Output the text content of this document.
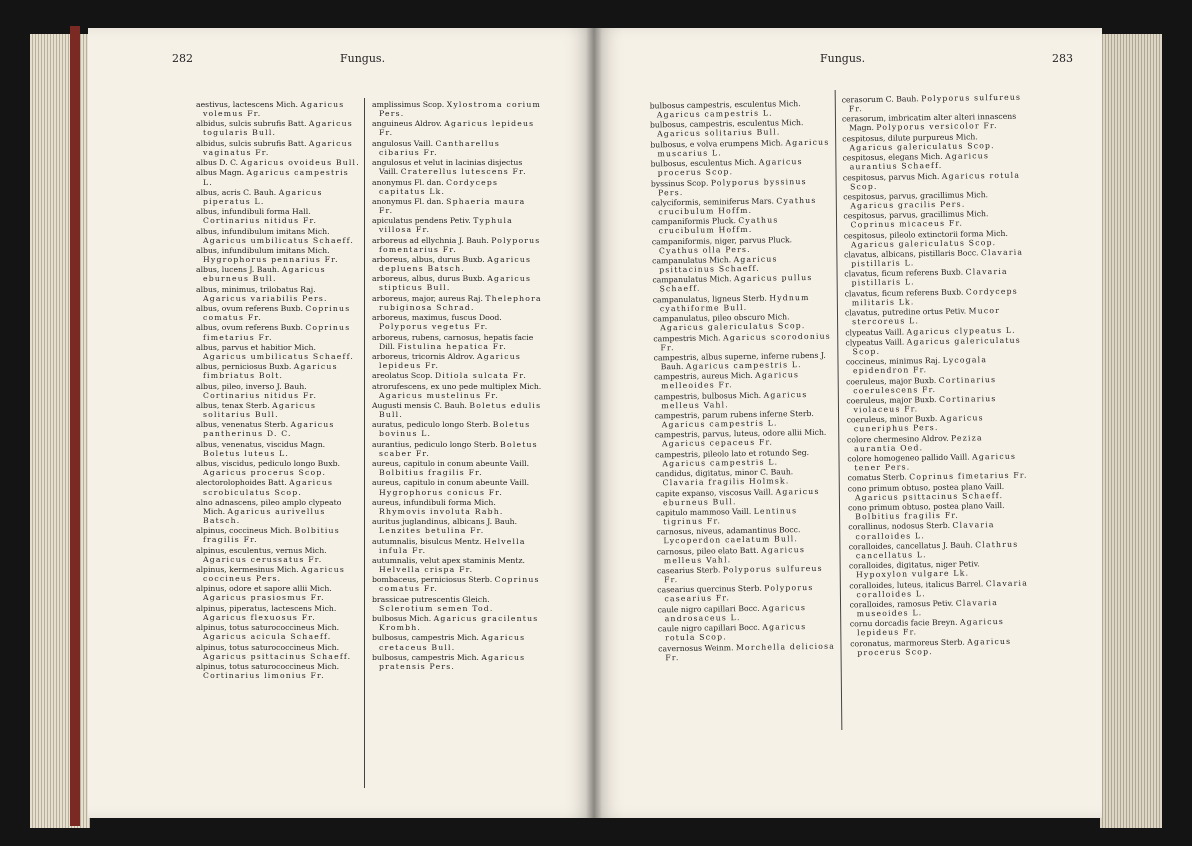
282	Fungus.	Fungus.	283

aestivus, lactescens Mich. Agaricus volemus Fr.

albidus, sulcis subrufis Batt. Agaricus togularis Bull.

albidus, sulcis subrufis Batt. Agaricus vaginatus Fr.

albus D. C. Agaricus ovoideus Bull.

albus Magn. Agaricus campestris L.

albus, acris C. Bauh. Agaricus piperatus L.

albus, infundibuli forma Hall. Cortinarius nitidus Fr.

albus, infundibulum imitans Mich. Agaricus umbilicatus Schaeff.

albus, infundibulum imitans Mich. Hygrophorus pennarius Fr.

albus, lucens J. Bauh. Agaricus eburneus Bull.

albus, minimus, trilobatus Raj. Agaricus variabilis Pers.

albus, ovum referens Buxb. Coprinus comatus Fr.

albus, ovum referens Buxb. Coprinus fimetarius Fr.

albus, parvus et habitior Mich. Agaricus umbilicatus Schaeff.

albus, perniciosus Buxb. Agaricus fimbriatus Bolt.

albus, pileo, inverso J. Bauh. Cortinarius nitidus Fr.

albus, tenax Sterb. Agaricus solitarius Bull.

albus, venenatus Sterb. Agaricus pantherinus D. C.

albus, venenatus, viscidus Magn. Boletus luteus L.

albus, viscidus, pediculo longo Buxb. Agaricus procerus Scop.

alectorolophoides Batt. Agaricus scrobiculatus Scop.

alno adnascens, pileo amplo clypeato Mich. Agaricus aurivellus Batsch.

alpinus, coccineus Mich. Bolbitius fragilis Fr.

alpinus, esculentus, vernus Mich. Agaricus cerussatus Fr.

alpinus, kermesinus Mich. Agaricus coccineus Pers.

alpinus, odore et sapore allii Mich. Agaricus prasiosmus Fr.

alpinus, piperatus, lactescens Mich. Agaricus flexuosus Fr.

alpinus, totus saturococcineus Mich. Agaricus acicula Schaeff.

alpinus, totus saturococcineus Mich. Agaricus psittacinus Schaeff.

alpinus, totus saturococcineus Mich. Cortinarius limonius Fr.

amplissimus Scop. Xylostroma corium Pers.

anguineus Aldrov. Agaricus lepideus Fr.

angulosus Vaill. Cantharellus cibarius Fr.

angulosus et velut in lacinias disjectus Vaill. Craterellus lutescens Fr.

anonymus Fl. dan. Cordyceps capitatus Lk.

anonymus Fl. dan. Sphaeria maura Fr.

apiculatus pendens Petiv. Typhula villosa Fr.

arboreus ad ellychnia J. Bauh. Polyporus fomentarius Fr.

arboreus, albus, durus Buxb. Agaricus depluens Batsch.

arboreus, albus, durus Buxb. Agaricus stipticus Bull.

arboreus, major, aureus Raj. Thelephora rubiginosa Schrad.

arboreus, maximus, fuscus Dood. Polyporus vegetus Fr.

arboreus, rubens, carnosus, hepatis facie Dill. Fistulina hepatica Fr.

arboreus, tricornis Aldrov. Agaricus lepideus Fr.

areolatus Scop. Ditiola sulcata Fr.

atrorufescens, ex uno pede multiplex Mich. Agaricus mustelinus Fr.

Augusti mensis C. Bauh. Boletus edulis Bull.

auratus, pediculo longo Sterb. Boletus bovinus L.

aurantius, pediculo longo Sterb. Boletus scaber Fr.

aureus, capitulo in conum abeunte Vaill. Bolbitius fragilis Fr.

aureus, capitulo in conum abeunte Vaill. Hygrophorus conicus Fr.

aureus, infundibuli forma Mich. Rhymovis involuta Rabh.

auritus juglandinus, albicans J. Bauh. Lenzites betulina Fr.

autumnalis, bisulcus Mentz. Helvella infula Fr.

autumnalis, velut apex staminis Mentz. Helvella crispa Fr.

bombaceus, perniciosus Sterb. Coprinus comatus Fr.

brassicae putrescentis Gleich. Sclerotium semen Tod.

bulbosus Mich. Agaricus gracilentus Krombh.

bulbosus, campestris Mich. Agaricus cretaceus Bull.

bulbosus, campestris Mich. Agaricus pratensis Pers.

bulbosus campestris, esculentus Mich. Agaricus campestris L.

bulbosus, campestris, esculentus Mich. Agaricus solitarius Bull.

bulbosus, e volva erumpens Mich. Agaricus muscarius L.

bulbosus, esculentus Mich. Agaricus procerus Scop.

byssinus Scop. Polyporus byssinus Pers.

calyciformis, seminiferus Mars. Cyathus crucibulum Hoffm.

campaniformis Pluck. Cyathus crucibulum Hoffm.

campaniformis, niger, parvus Pluck. Cyathus olla Pers.

campanulatus Mich. Agaricus psittacinus Schaeff.

campanulatus Mich. Agaricus pullus Schaeff.

campanulatus, ligneus Sterb. Hydnum cyathiforme Bull.

campanulatus, pileo obscuro Mich. Agaricus galericulatus Scop.

campestris Mich. Agaricus scorodonius Fr.

campestris, albus superne, inferne rubens J. Bauh. Agaricus campestris L.

campestris, aureus Mich. Agaricus melleoides Fr.

campestris, bulbosus Mich. Agaricus melleus Vahl.

campestris, parum rubens inferne Sterb. Agaricus campestris L.

campestris, parvus, luteus, odore allii Mich. Agaricus cepaceus Fr.

campestris, pileolo lato et rotundo Seg. Agaricus campestris L.

candidus, digitatus, minor C. Bauh. Clavaria fragilis Holmsk.

capite expanso, viscosus Vaill. Agaricus eburneus Bull.

capitulo mammoso Vaill. Lentinus tigrinus Fr.

carnosus, niveus, adamantinus Bocc. Lycoperdon caelatum Bull.

carnosus, pileo elato Batt. Agaricus melleus Vahl.

casearius Sterb. Polyporus sulfureus Fr.

casearius quercinus Sterb. Polyporus casearius Fr.

caule nigro capillari Bocc. Agaricus androsaceus L.

caule nigro capillari Bocc. Agaricus rotula Scop.

cavernosus Weinm. Morchella deliciosa Fr.

cerasorum C. Bauh. Polyporus sulfureus Fr.

cerasorum, imbricatim alter alteri innascens Magn. Polyporus versicolor Fr.

cespitosus, dilute purpureus Mich. Agaricus galericulatus Scop.

cespitosus, elegans Mich. Agaricus aurantius Schaeff.

cespitosus, parvus Mich. Agaricus rotula Scop.

cespitosus, parvus, gracillimus Mich. Agaricus gracilis Pers.

cespitosus, parvus, gracillimus Mich. Coprinus micaceus Fr.

cespitosus, pileolo extinctorii forma Mich. Agaricus galericulatus Scop.

clavatus, albicans, pistillaris Bocc. Clavaria pistillaris L.

clavatus, ficum referens Buxb. Clavaria pistillaris L.

clavatus, ficum referens Buxb. Cordyceps militaris Lk.

clavatus, putredine ortus Petiv. Mucor stercoreus L.

clypeatus Vaill. Agaricus clypeatus L.

clypeatus Vaill. Agaricus galericulatus Scop.

coccineus, minimus Raj. Lycogala epidendron Fr.

coeruleus, major Buxb. Cortinarius coerulescens Fr.

coeruleus, major Buxb. Cortinarius violaceus Fr.

coeruleus, minor Buxb. Agaricus cuneriphus Pers.

colore chermesino Aldrov. Peziza aurantia Oed.

colore homogeneo pallido Vaill. Agaricus tener Pers.

comatus Sterb. Coprinus fimetarius Fr.

cono primum obtuso, postea plano Vaill. Agaricus psittacinus Schaeff.

cono primum obtuso, postea plano Vaill. Bolbitius fragilis Fr.

corallinus, nodosus Sterb. Clavaria coralloides L.

coralloides, cancellatus J. Bauh. Clathrus cancellatus L.

coralloides, digitatus, niger Petiv. Hypoxylon vulgare Lk.

coralloides, luteus, italicus Barrel. Clavaria coralloides L.

coralloides, ramosus Petiv. Clavaria museoides L.

cornu dorcadis facie Breyn. Agaricus lepideus Fr.

coronatus, marmoreus Sterb. Agaricus procerus Scop.
